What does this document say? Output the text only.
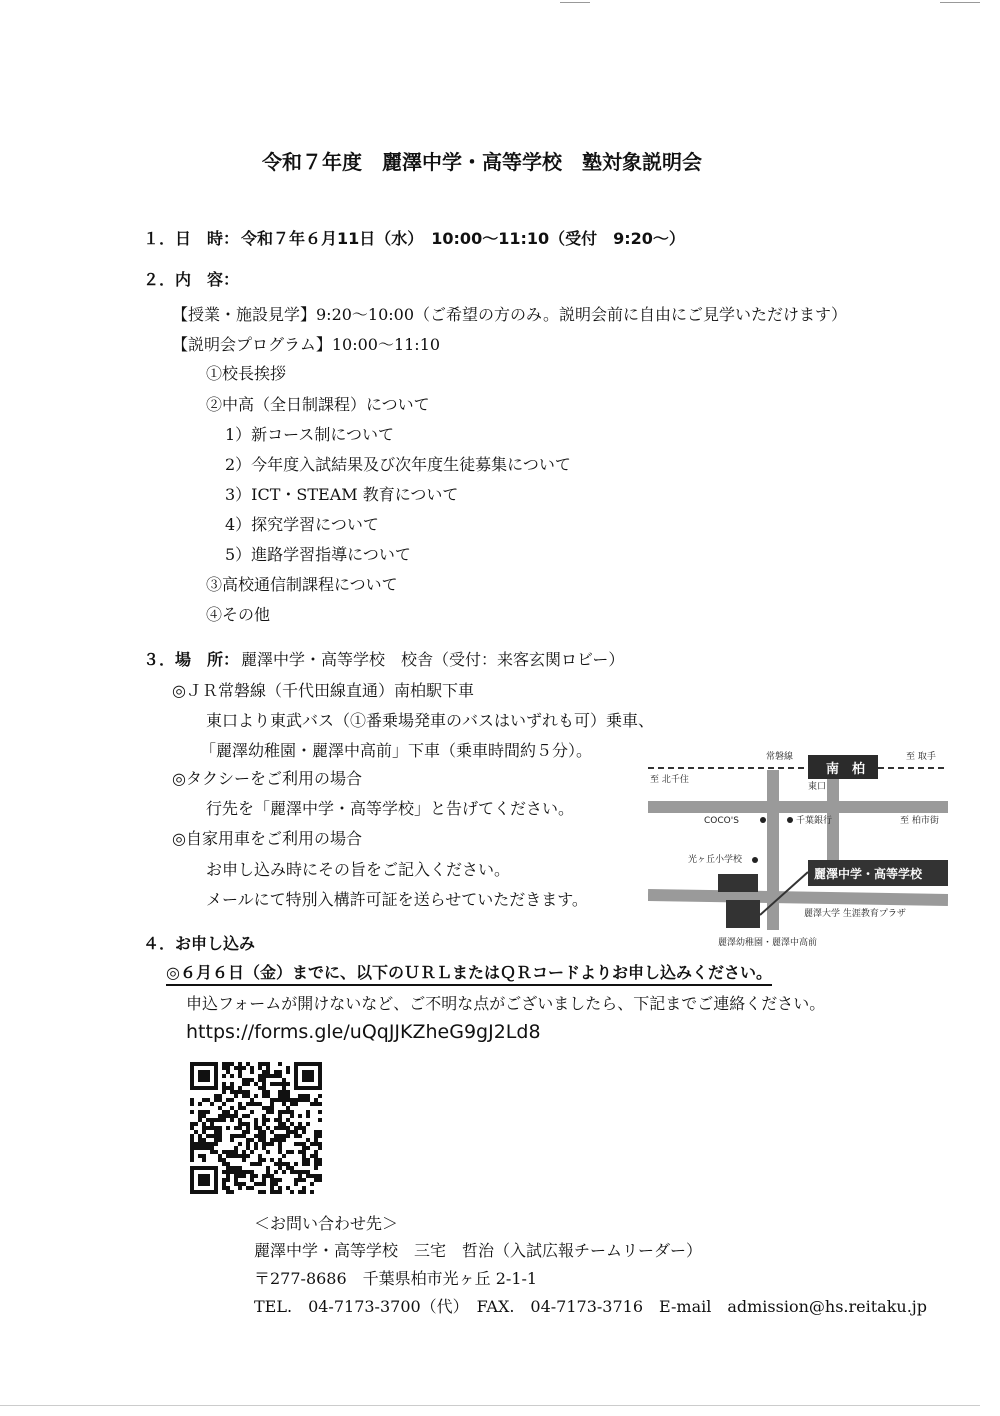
令和７年度　麗澤中学・高等学校　塾対象説明会
１．日　時： 令和７年６月11日（水）　10:00～11:10（受付　9:20～）
２．内　容：
【授業・施設見学】9:20～10:00（ご希望の方のみ。説明会前に自由にご見学いただけます）
【説明会プログラム】10:00～11:10
①校長挨拶
②中高（全日制課程）について
1）新コース制について
2）今年度入試結果及び次年度生徒募集について
3）ICT・STEAM 教育について
4）探究学習について
5）進路学習指導について
③高校通信制課程について
④その他
３．場　所： 麗澤中学・高等学校　校舎（受付：来客玄関ロビー）
◎ＪＲ常磐線（千代田線直通）南柏駅下車
東口より東武バス（①番乗場発車のバスはいずれも可）乗車、
「麗澤幼稚園・麗澤中高前」下車（乗車時間約５分）。
◎タクシーをご利用の場合
行先を「麗澤中学・高等学校」と告げてください。
◎自家用車をご利用の場合
お申し込み時にその旨をご記入ください。
メールにて特別入構許可証を送らせていただきます。
常磐線	至 取手
至 北千住
南　柏
東口
COCO'S	千葉銀行	至 柏市街
光ヶ丘小学校
麗澤中学・高等学校
麗澤大学 生涯教育プラザ
麗澤幼稚園・麗澤中高前
４．お申し込み
◎６月６日（金）までに、以下のＵＲＬまたはＱＲコードよりお申し込みください。
申込フォームが開けないなど、ご不明な点がございましたら、下記までご連絡ください。
https://forms.gle/uQqJJKZheG9gJ2Ld8
＜お問い合わせ先＞
麗澤中学・高等学校　三宅　哲治（入試広報チームリーダー）
〒277-8686　千葉県柏市光ヶ丘 2-1-1
TEL.　04-7173-3700（代）　FAX.　04-7173-3716　E-mail　admission@hs.reitaku.jp
